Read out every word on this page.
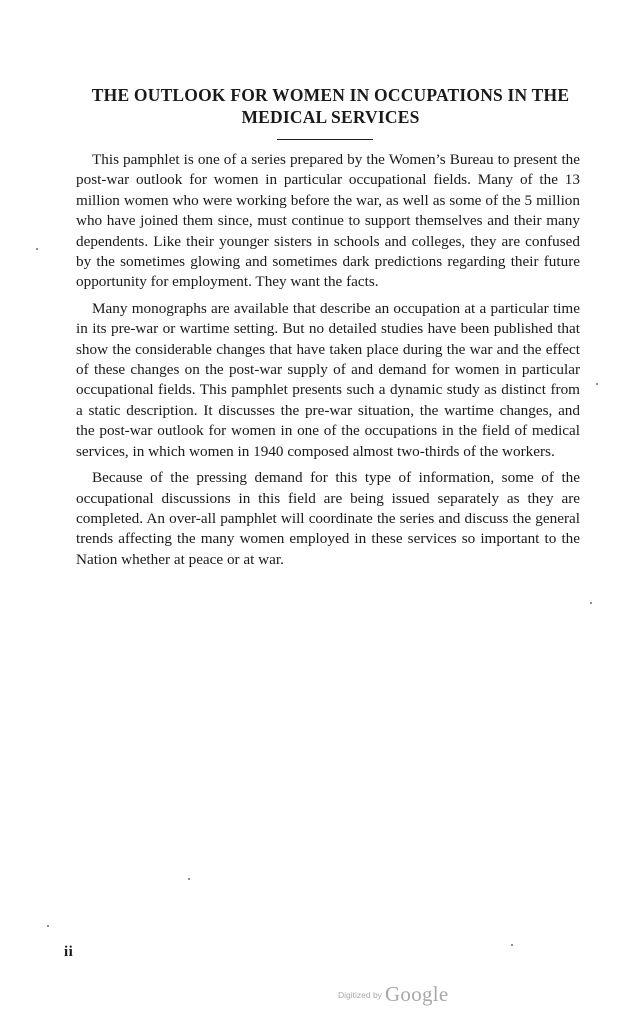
THE OUTLOOK FOR WOMEN IN OCCUPATIONS IN THE MEDICAL SERVICES

This pamphlet is one of a series prepared by the Women’s Bureau to present the post-war outlook for women in particular occupational fields. Many of the 13 million women who were working before the war, as well as some of the 5 million who have joined them since, must continue to support themselves and their many dependents. Like their younger sisters in schools and colleges, they are confused by the sometimes glowing and sometimes dark predictions regarding their future opportunity for employment. They want the facts.

Many monographs are available that describe an occupation at a particular time in its pre-war or wartime setting. But no detailed studies have been published that show the considerable changes that have taken place during the war and the effect of these changes on the post-war supply of and demand for women in particular occupational fields. This pamphlet presents such a dynamic study as distinct from a static description. It discusses the pre-war situation, the wartime changes, and the post-war outlook for women in one of the occupations in the field of medical services, in which women in 1940 composed almost two-thirds of the workers.

Because of the pressing demand for this type of information, some of the occupational discussions in this field are being issued separately as they are completed. An over-all pamphlet will coordinate the series and discuss the general trends affecting the many women employed in these services so important to the Nation whether at peace or at war.

ii
Digitized by Google
